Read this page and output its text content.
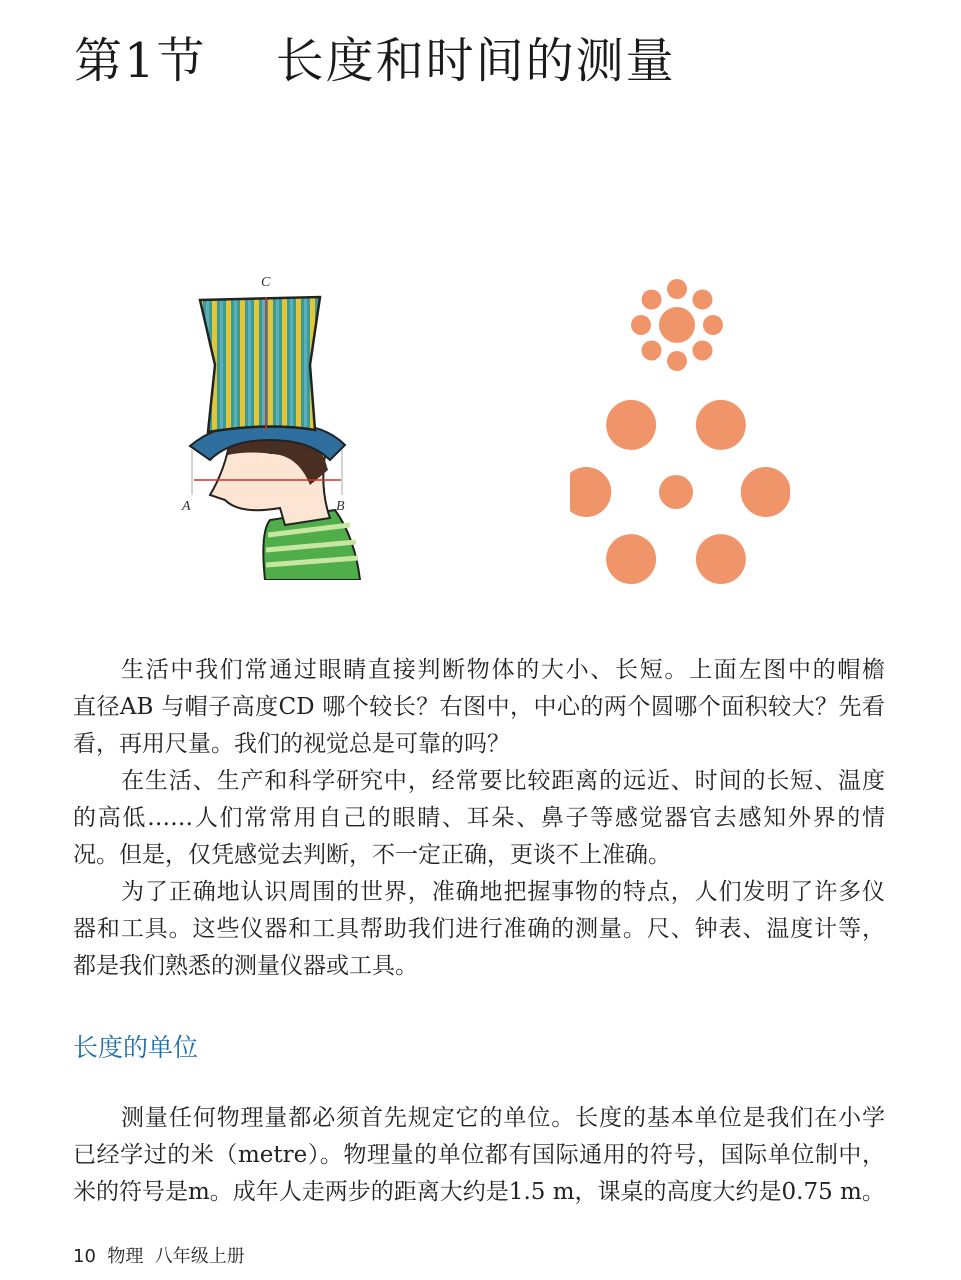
第1节    长度和时间的测量
C
D
A	B
生活中我们常通过眼睛直接判断物体的大小、长短。上面左图中的帽檐
直径AB 与帽子高度CD 哪个较长？右图中，中心的两个圆哪个面积较大？先看
看，再用尺量。我们的视觉总是可靠的吗？
在生活、生产和科学研究中，经常要比较距离的远近、时间的长短、温度
的高低……人们常常用自己的眼睛、耳朵、鼻子等感觉器官去感知外界的情
况。但是，仅凭感觉去判断，不一定正确，更谈不上准确。
为了正确地认识周围的世界，准确地把握事物的特点，人们发明了许多仪
器和工具。这些仪器和工具帮助我们进行准确的测量。尺、钟表、温度计等，
都是我们熟悉的测量仪器或工具。
长度的单位
测量任何物理量都必须首先规定它的单位。长度的基本单位是我们在小学
已经学过的米（metre）。物理量的单位都有国际通用的符号，国际单位制中，
米的符号是m。成年人走两步的距离大约是1.5 m，课桌的高度大约是0.75 m。
10  物理  八年级上册
